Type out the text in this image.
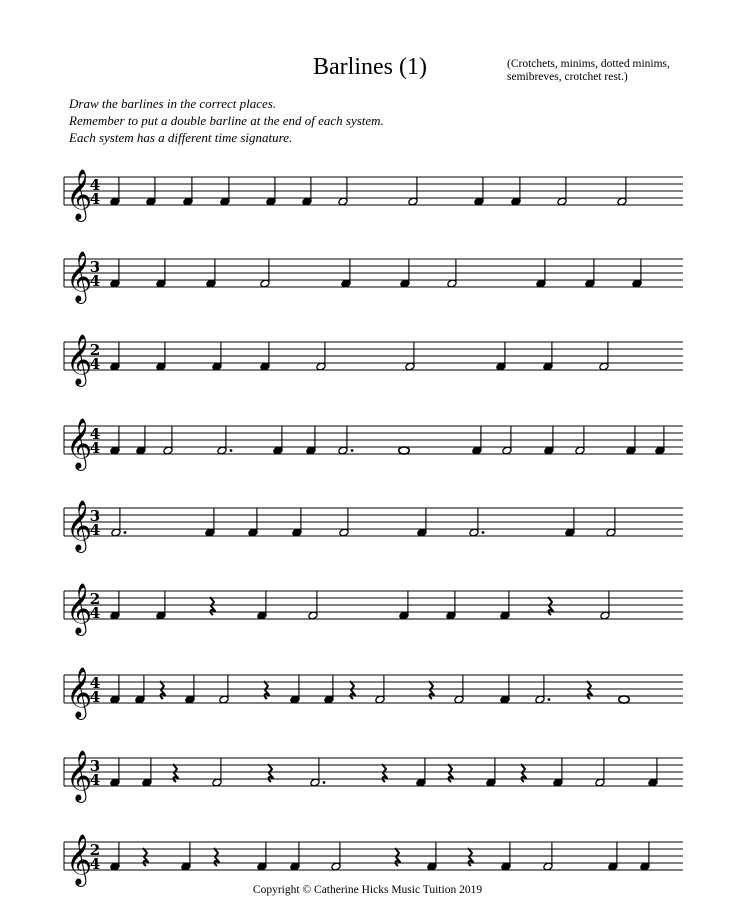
Barlines (1)	(Crotchets, minims, dotted minims,
semibreves, crotchet rest.)
Draw the barlines in the correct places.
Remember to put a double barline at the end of each system.
Each system has a different time signature.
𝄞
4
4
𝄞
3
4
𝄞
2
4
𝄞
4
4
𝄞
3
4
𝄞
2
4
𝄞
4
4
𝄞
3
4
𝄞
2
4
Copyright © Catherine Hicks Music Tuition 2019
